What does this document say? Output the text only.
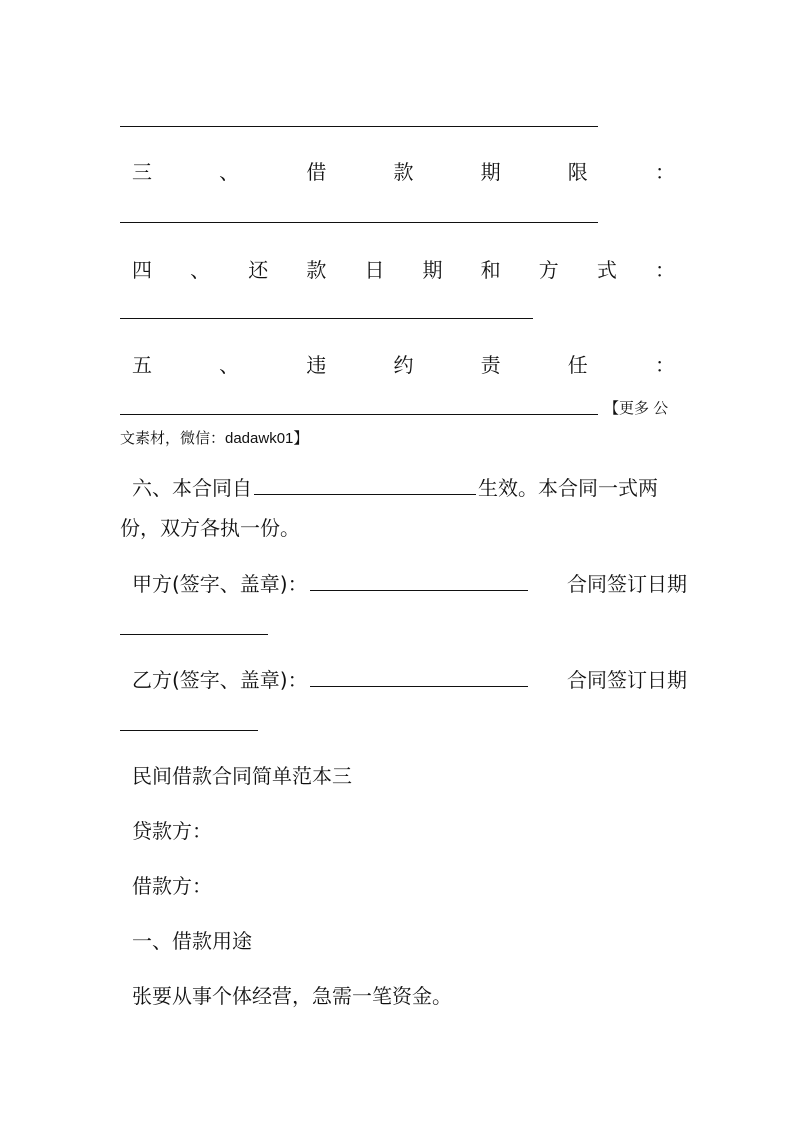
三	、	借	款	期	限	：
四 、 还 款 日 期 和 方 式 ：
五	、	违	约	责	任	：
【更多 公
文素材，微信：dadawk01】
六、本合同自	生效。本合同一式两
份，双方各执一份。
甲方(签字、盖章)：	合同签订日期
乙方(签字、盖章)：	合同签订日期
民间借款合同简单范本三
贷款方：
借款方：
一、借款用途
张要从事个体经营，急需一笔资金。
